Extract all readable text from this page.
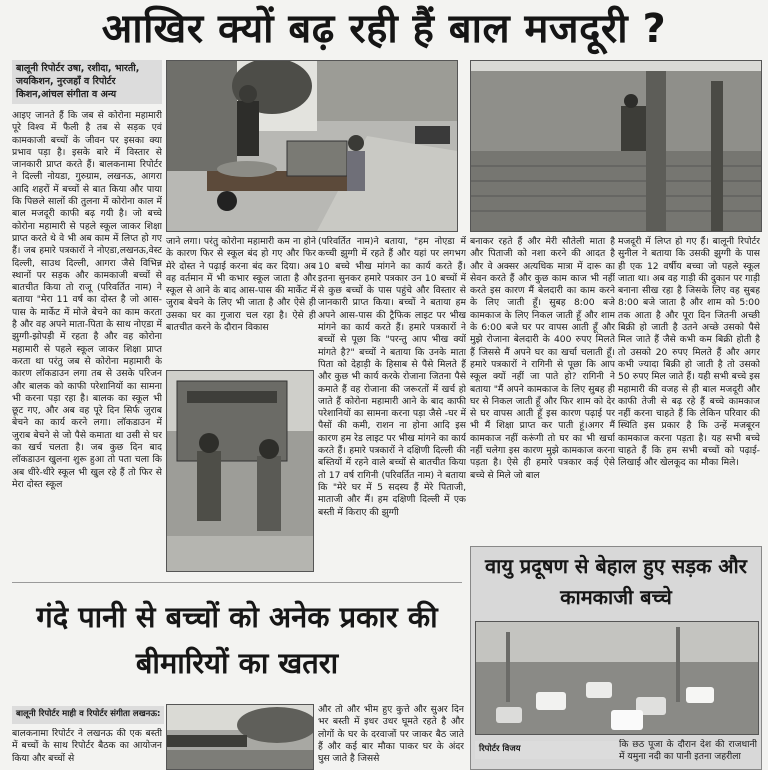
आखिर क्यों बढ़ रही हैं बाल मजदूरी ?
बालूनी रिपोर्टर उषा, रशीदा, भारती, जयकिशन, नुरजहाँ व रिपोर्टर किशन,आंचल संगीता व अन्य
आइए जानते हैं कि जब से कोरोना महामारी पूरे विश्व में फैली है तब से सड़क एवं कामकाजी बच्चों के जीवन पर इसका क्या प्रभाव पड़ा है। इसके बारे में विस्तार से जानकारी प्राप्त करते हैं। बालकनामा रिपोर्टर ने दिल्ली नोयडा, गुरुग्राम, लखनऊ, आगरा आदि शहरों में बच्चों से बात किया और पाया कि पिछले सालों की तुलना में कोरोना काल में बाल मजदूरी काफी बढ़ गयी है। जो बच्चे कोरोना महामारी से पहले स्कूल जाकर शिक्षा प्राप्त करते थे वे भी अब काम में लिप्त हो गए हैं। जब हमारे पत्रकारों ने नोएडा,लखनऊ,वेस्ट दिल्ली, साउथ दिल्ली, आगरा जैसे विभिन्न स्थानों पर सड़क और कामकाजी बच्चों से बातचीत किया तो राजू (परिवर्तित नाम) ने बताया "मेरा 11 वर्ष का दोस्त है जो आस-पास के मार्केट में मोजे बेचने का काम करता है और वह अपने माता-पिता के साथ नोएडा में झुग्गी-झोपड़ी में रहता है और वह कोरोना महामारी से पहले स्कूल जाकर शिक्षा प्राप्त करता था परंतु जब से कोरोना महामारी के कारण लॉकडाउन लगा तब से उसके परिजन और बालक को काफी परेशानियों का सामना भी करना पड़ा रहा है। बालक का स्कूल भी छूट गए, और अब वह पूरे दिन सिर्फ जुराब बेचने का कार्य करने लगा। लॉकडाउन में जुराब बेचने से जो पैसे कमाता था उसी से घर का खर्च चलता है। जब कुछ दिन बाद लॉकडाउन खुलना शुरू हुआ तो पता चला कि अब धीरे-धीरे स्कूल भी खुल रहे हैं तो फिर से मेरा दोस्त स्कूल
जाने लगा। परंतु कोरोना महामारी कम ना होने के कारण फिर से स्कूल बंद हो गए और फिर मेरे दोस्त ने पढ़ाई करना बंद कर दिया। अब वह वर्तमान में भी कभार स्कूल जाता है और स्कूल से आने के बाद आस-पास की मार्केट में जुराब बेचने के लिए भी जाता है और ऐसे ही उसका घर का गुजारा चल रहा है। ऐसे ही बातचीत करने के दौरान विकास
(परिवर्तित नाम)ने बताया, "हम नोएडा में कच्ची झुग्गी में रहते हैं और यहां पर लगभग 10 बच्चे भीख मांगने का कार्य करते हैं। इतना सुनकर हमारे पत्रकार उन 10 बच्चों में से कुछ बच्चों के पास पहुंचे और विस्तार से जानकारी प्राप्त किया। बच्चों ने बताया हम अपने आस-पास की ट्रैफिक लाइट पर भीख मांगने का कार्य करते हैं। हमारे पत्रकारों ने बच्चों से पूछा कि "परन्तु आप भीख क्यों मांगते है?" बच्चों ने बताया कि उनके माता पिता को देहाड़ी के हिसाब से पैसे मिलते हैं और कुछ भी कार्य करके रोजाना जितना पैसे कमाते हैं वह रोजाना की जरूरतों में खर्च हो जाते हैं कोरोना महामारी आने के बाद काफी परेशानियों का सामना करना पड़ा जैसे -घर में पैसों की कमी, राशन ना होना आदि इस कारण हम रेड लाइट पर भीख मांगने का कार्य करते हैं। हमारे पत्रकारों ने दक्षिणी दिल्ली की बस्तियों में रहने वाले बच्चों से बातचीत किया तो 17 वर्ष रागिनी (परिवर्तित नाम) ने बताया कि "मेरे घर में 5 सदस्य हैं मेरे पिताजी, माताजी और मैं। हम दक्षिणी दिल्ली में एक बस्ती में किराए की झुग्गी
बनाकर रहते हैं और मेरी सौतेली माता है और पिताजी को नशा करने की आदत है और वे अक्सर अत्यधिक मात्रा में दारू का सेवन करते हैं और कुछ काम काज भी नहीं करते इस कारण मैं बेलदारी का काम करने के लिए जाती हूँ। सुबह 8:00 बजे कामकाज के लिए निकल जाती हूँ और शाम के 6:00 बजे घर पर वापस आती हूँ और मुझे रोजाना बेलदारी के 400 रुपए मिलते हैं जिससे मैं अपने घर का खर्चा चलाती हूँ। हमारे पत्रकारों ने रागिनी से पूछा कि आप स्कूल क्यों नहीं जा पाते हो? रागिनी ने बताया "मैं अपने कामकाज के लिए सुबह ही घर से निकल जाती हूँ और फिर शाम को देर से घर वापस आती हूँ इस कारण पढ़ाई पर भी मैं शिक्षा प्राप्त कर पाती हूं।अगर मैं कामकाज नहीं करूंगी तो घर का भी खर्चा नहीं चलेगा इस कारण मुझे कामकाज करना पड़ता है। ऐसे ही हमारे पत्रकार कई ऐसे बच्चे से मिले जो बाल
मजदूरी में लिप्त हो गए हैं। बालूनी रिपोर्टर सुनील ने बताया कि उसकी झुग्गी के पास ही एक 12 वर्षीय बच्चा जो पहले स्कूल जाता था। अब वह गाड़ी की दुकान पर गाड़ी बनाना सीख रहा है जिसके लिए वह सुबह 8:00 बजे जाता है और शाम को 5:00 तक आता है और पूरा दिन जितनी अच्छी बिक्री हो जाती है उतने अच्छे उसको पैसे मिल जाते हैं जैसे कभी कम बिक्री होती है तो उसको 20 रुपए मिलते हैं और अगर कभी ज्यादा बिक्री हो जाती है तो उसको 50 रुपए मिल जाते हैं। यही सभी बच्चे इस महामारी की वजह से ही बाल मजदूरी और काफी तेजी से बढ़ रहे हैं बच्चे कामकाज नहीं करना चाहते हैं कि लेकिन परिवार की स्थिति इस प्रकार है कि उन्हें मजबूरन कामकाज करना पड़ता है। यह सभी बच्चे चाहते हैं कि हम सभी बच्चों को पढ़ाई-लिखाई और खेलकूद का मौका मिले।
गंदे पानी से बच्चों को अनेक प्रकार की बीमारियों का खतरा
बालूनी रिपोर्टर माही व रिपोर्टर संगीता लखनऊ:
बालकनामा रिपोर्टर ने लखनऊ की एक बस्ती में बच्चों के साथ रिपोर्टर बैठक का आयोजन किया और बच्चों से
और तो और भीम हुए कुत्ते और सुअर दिन भर बस्ती में इधर उधर घूमते रहते है और लोगों के घर के दरवाजों पर जाकर बैठ जाते हैं और कई बार मौका पाकर घर के अंदर घुस जाते है जिससे
वायु प्रदूषण से बेहाल हुए सड़क और कामकाजी बच्चे
रिपोर्टर विजय	कि छठ पूजा के दौरान देश की राजधानी में यमुना नदी का पानी इतना जहरीला
